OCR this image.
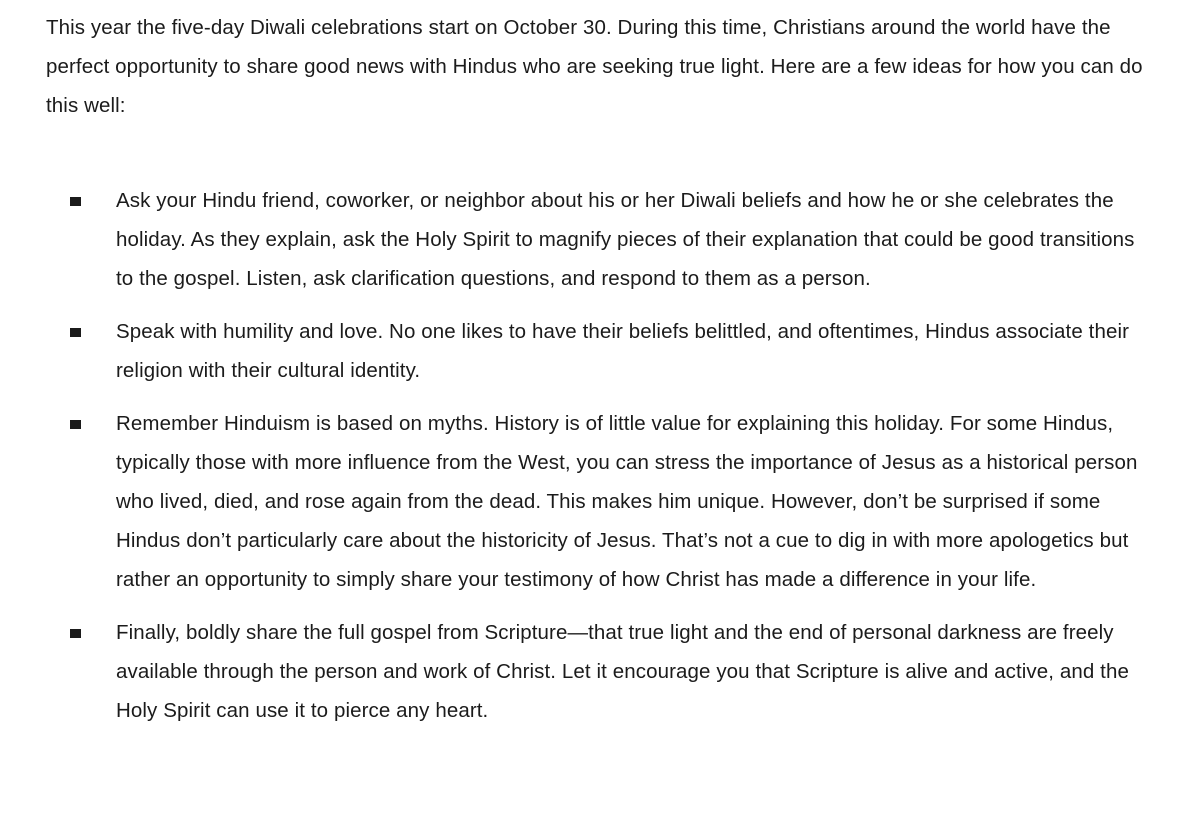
This year the five-day Diwali celebrations start on October 30. During this time, Christians around the world have the perfect opportunity to share good news with Hindus who are seeking true light. Here are a few ideas for how you can do this well:

Ask your Hindu friend, coworker, or neighbor about his or her Diwali beliefs and how he or she celebrates the holiday. As they explain, ask the Holy Spirit to magnify pieces of their explanation that could be good transitions to the gospel. Listen, ask clarification questions, and respond to them as a person.
Speak with humility and love. No one likes to have their beliefs belittled, and oftentimes, Hindus associate their religion with their cultural identity.
Remember Hinduism is based on myths. History is of little value for explaining this holiday. For some Hindus, typically those with more influence from the West, you can stress the importance of Jesus as a historical person who lived, died, and rose again from the dead. This makes him unique. However, don’t be surprised if some Hindus don’t particularly care about the historicity of Jesus. That’s not a cue to dig in with more apologetics but rather an opportunity to simply share your testimony of how Christ has made a difference in your life.
Finally, boldly share the full gospel from Scripture—that true light and the end of personal darkness are freely available through the person and work of Christ. Let it encourage you that Scripture is alive and active, and the Holy Spirit can use it to pierce any heart.
